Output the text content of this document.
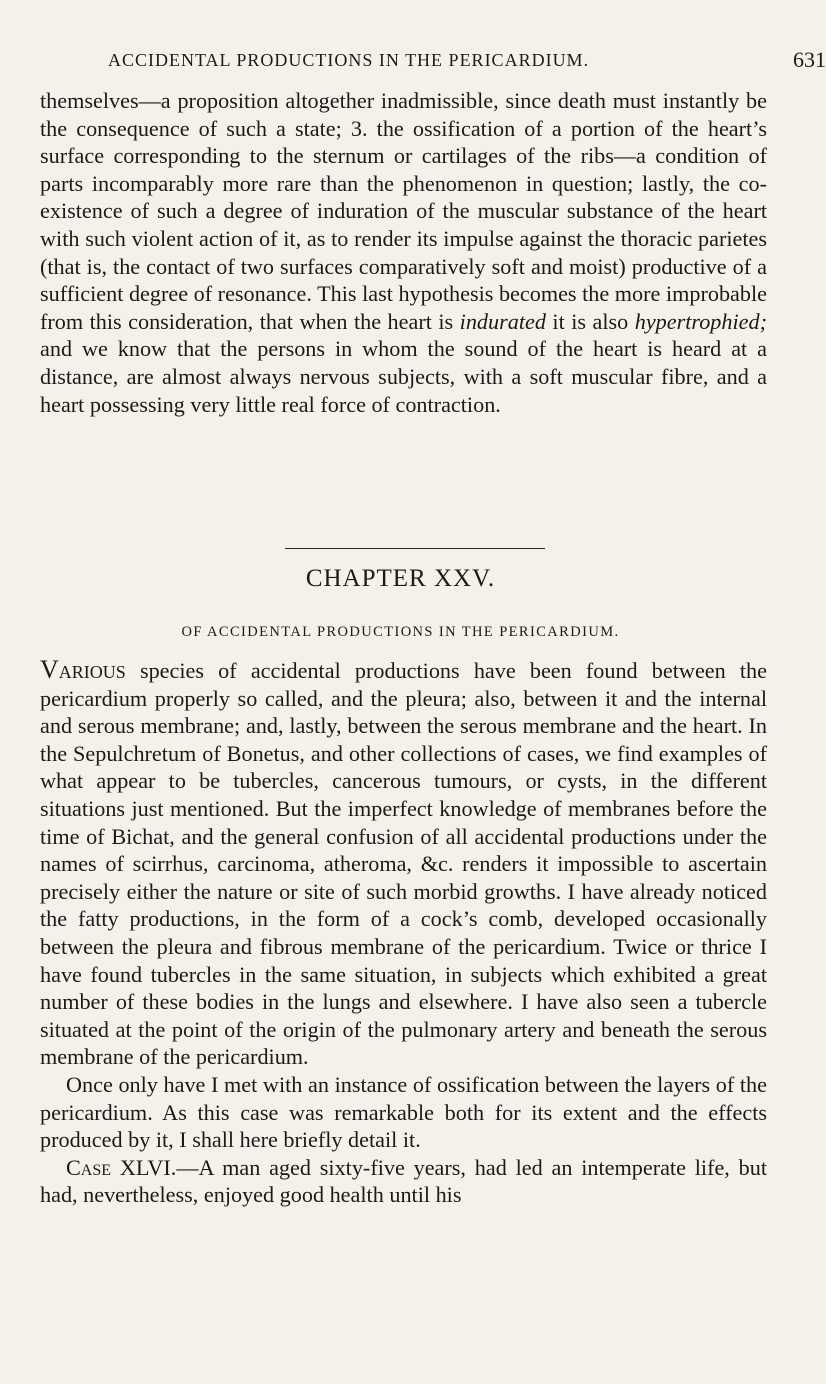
ACCIDENTAL PRODUCTIONS IN THE PERICARDIUM.	631

themselves—a proposition altogether inadmissible, since death must instantly be the consequence of such a state; 3. the ossification of a portion of the heart’s surface corresponding to the sternum or cartilages of the ribs—a condition of parts incomparably more rare than the phenomenon in question; lastly, the co-existence of such a degree of induration of the muscular substance of the heart with such violent action of it, as to render its impulse against the thoracic parietes (that is, the contact of two surfaces comparatively soft and moist) productive of a sufficient degree of resonance. This last hypothesis becomes the more improbable from this consideration, that when the heart is indurated it is also hypertrophied; and we know that the persons in whom the sound of the heart is heard at a distance, are almost always nervous subjects, with a soft muscular fibre, and a heart possessing very little real force of contraction.

CHAPTER XXV.
OF ACCIDENTAL PRODUCTIONS IN THE PERICARDIUM.

Various species of accidental productions have been found between the pericardium properly so called, and the pleura; also, between it and the internal and serous membrane; and, lastly, between the serous membrane and the heart. In the Sepulchretum of Bonetus, and other collections of cases, we find examples of what appear to be tubercles, cancerous tumours, or cysts, in the different situations just mentioned. But the imperfect knowledge of membranes before the time of Bichat, and the general confusion of all accidental productions under the names of scirrhus, carcinoma, atheroma, &c. renders it impossible to ascertain precisely either the nature or site of such morbid growths. I have already noticed the fatty productions, in the form of a cock’s comb, developed occasionally between the pleura and fibrous membrane of the pericardium. Twice or thrice I have found tubercles in the same situation, in subjects which exhibited a great number of these bodies in the lungs and elsewhere. I have also seen a tubercle situated at the point of the origin of the pulmonary artery and beneath the serous membrane of the pericardium.

Once only have I met with an instance of ossification between the layers of the pericardium. As this case was remarkable both for its extent and the effects produced by it, I shall here briefly detail it.

Case XLVI.—A man aged sixty-five years, had led an intemperate life, but had, nevertheless, enjoyed good health until his
